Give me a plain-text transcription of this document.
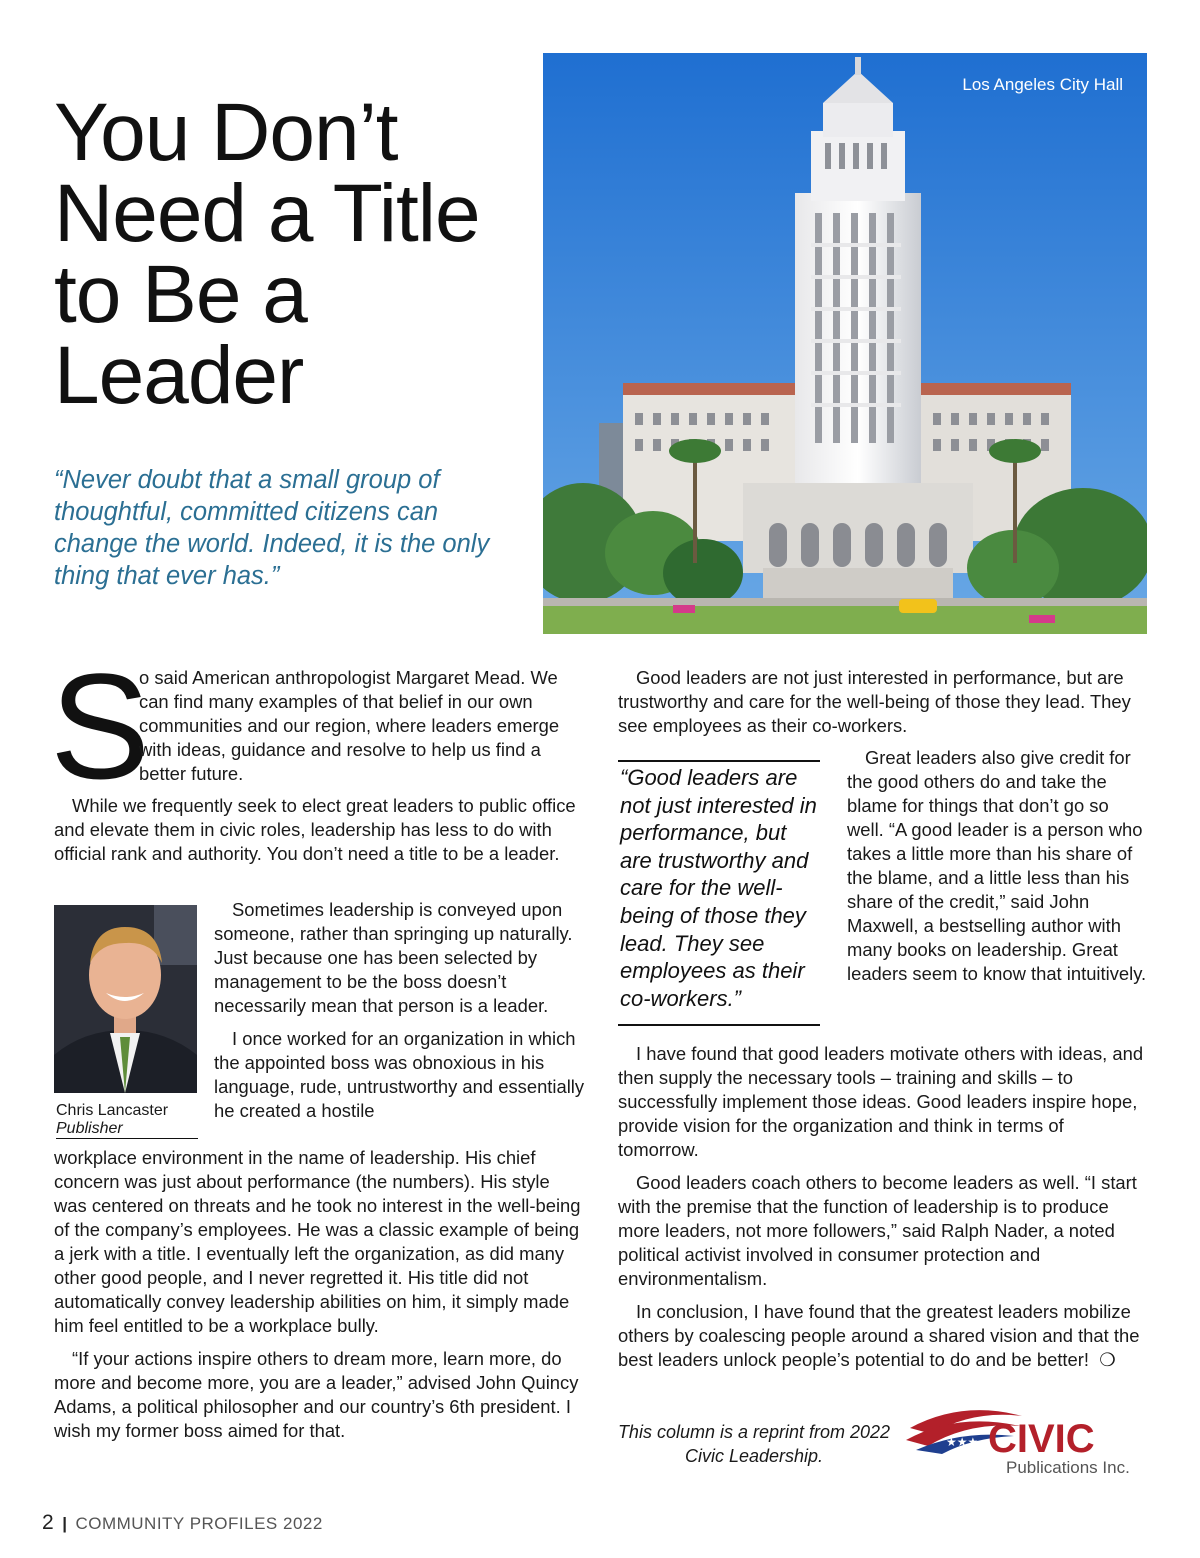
You Don’t Need a Title to Be a Leader
“Never doubt that a small group of thoughtful, committed citizens can change the world. Indeed, it is the only thing that ever has.”
Los Angeles City Hall
S

o said American anthropologist Margaret Mead. We can find many examples of that belief in our own communities and our region, where leaders emerge with ideas, guidance and resolve to help us find a better future.

While we frequently seek to elect great leaders to public office and elevate them in civic roles, leadership has less to do with official rank and authority. You don’t need a title to be a leader.

Chris Lancaster
Publisher

Sometimes leadership is conveyed upon someone, rather than springing up naturally. Just because one has been selected by management to be the boss doesn’t necessarily mean that person is a leader.

I once worked for an organization in which the appointed boss was obnoxious in his language, rude, untrustworthy and essentially he created a hostile

workplace environment in the name of leadership. His chief concern was just about performance (the numbers). His style was centered on threats and he took no interest in the well-being of the company’s employees. He was a classic example of being a jerk with a title. I eventually left the organization, as did many other good people, and I never regretted it. His title did not automatically convey leadership abilities on him, it simply made him feel entitled to be a workplace bully.

“If your actions inspire others to dream more, learn more, do more and become more, you are a leader,” advised John Quincy Adams, a political philosopher and our country’s 6th president. I wish my former boss aimed for that.

Good leaders are not just interested in performance, but are trustworthy and care for the well-being of those they lead. They see employees as their co-workers.

“Good leaders are not just interested in performance, but are trustworthy and care for the well-being of those they lead. They see employees as their co-workers.”

Great leaders also give credit for the good others do and take the blame for things that don’t go so well. “A good leader is a person who takes a little more than his share of the blame, and a little less than his share of the credit,” said John Maxwell, a bestselling author with many books on leadership. Great leaders seem to know that intuitively.

I have found that good leaders motivate others with ideas, and then supply the necessary tools – training and skills – to successfully implement those ideas. Good leaders inspire hope, provide vision for the organization and think in terms of tomorrow.

Good leaders coach others to become leaders as well. “I start with the premise that the function of leadership is to produce more leaders, not more followers,” said Ralph Nader, a noted political activist involved in consumer protection and environmentalism.

In conclusion, I have found that the greatest leaders mobilize others by coalescing people around a shared vision and that the best leaders unlock people’s potential to do and be better! ❍

This column is a reprint from 2022 Civic Leadership.
★★★ CIVIC
Publications Inc.
2 | COMMUNITY PROFILES 2022
